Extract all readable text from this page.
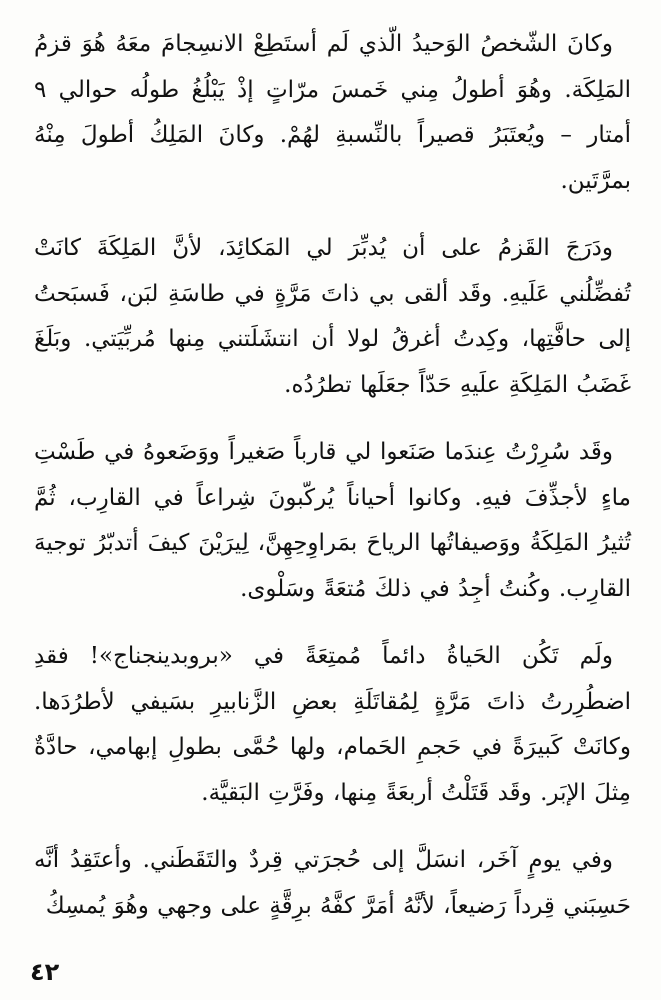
وكانَ الشّخصُ الوَحيدُ الّذي لَم أستَطِعْ الانسِجامَ معَهُ هُوَ قزمُ المَلِكَة. وهُوَ أطولُ مِني خَمسَ مرّاتٍ إذْ يَبْلُغُ طولُه حوالي ٩ أمتار – ويُعتَبَرُ قصيراً بالنِّسبةِ لهُمْ. وكانَ المَلِكُ أطولَ مِنْهُ بمرَّتَين.

ودَرَجَ القَزمُ على أن يُدبِّرَ لي المَكائِدَ، لأنَّ المَلِكَةَ كانَتْ تُفضِّلُني عَلَيهِ. وقَد ألقى بي ذاتَ مَرَّةٍ في طاسَةِ لبَن، فَسبَحتُ إلى حافَّتِها، وكِدتُ أغرقُ لولا أن انتشَلَتني مِنها مُربِّيَتي. وبَلَغَ غَضَبُ المَلِكَةِ علَيهِ حَدّاً جعَلَها تطرُدُه.

وقَد سُرِرْتُ عِندَما صَنَعوا لي قارباً صَغيراً ووَضَعوهُ في طَسْتِ ماءٍ لأجذِّفَ فيهِ. وكانوا أحياناً يُركّبونَ شِراعاً في القارِب، ثُمَّ تُثيرُ المَلِكَةُ ووَصيفاتُها الرياحَ بمَراوِحِهِنَّ، لِيرَيْنَ كيفَ أتدبّرُ توجيهَ القارِب. وكُنتُ أجِدُ في ذلكَ مُتعَةً وسَلْوى.

ولَم تَكُن الحَياةُ دائماً مُمتِعَةً في «بروبدينجناج»! فقدِ اضطُرِرتُ ذاتَ مَرَّةٍ لِمُقاتَلَةِ بعضِ الزَّنابيرِ بسَيفي لأطرُدَها. وكانَتْ كَبيرَةً في حَجمِ الحَمام، ولها حُمَّى بطولِ إبهامي، حادَّةٌ مِثلَ الإبَر. وقَد قَتَلْتُ أربعَةً مِنها، وفَرَّتِ البَقيَّة.

وفي يومٍ آخَر، انسَلَّ إلى حُجرَتي قِردٌ والتَقَطَني. وأعتَقِدُ أنَّه حَسِبَني قِرداً رَضيعاً، لأنَّهُ أمَرَّ كفَّهُ برِقَّةٍ على وجهي وهُوَ يُمسِكُ

٤٢
